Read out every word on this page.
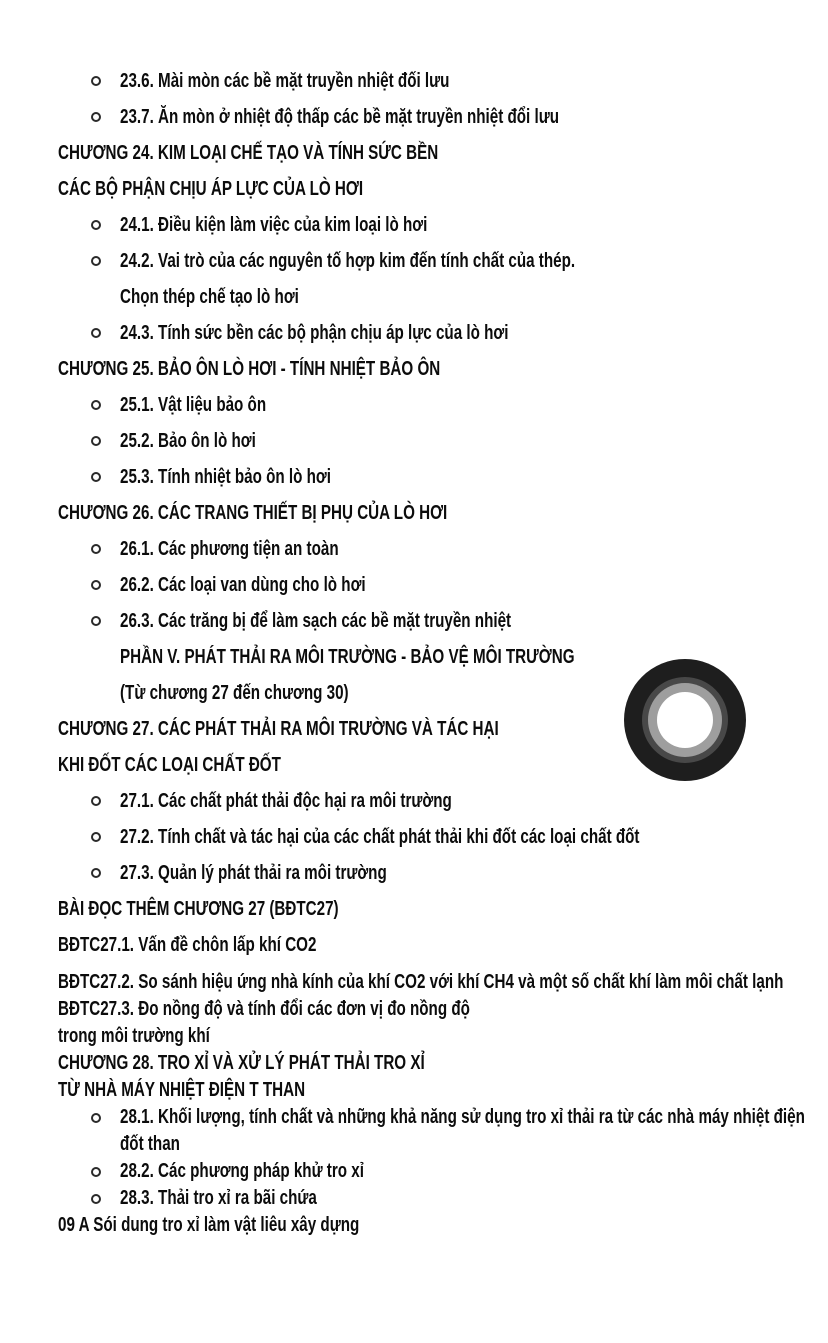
23.6. Mài mòn các bề mặt truyền nhiệt đối lưu
23.7. Ăn mòn ở nhiệt độ thấp các bề mặt truyền nhiệt đổi lưu
CHƯƠNG 24. KIM LOẠI CHẾ TẠO VÀ TÍNH SỨC BỀN
CÁC BỘ PHẬN CHỊU ÁP LỰC CỦA LÒ HƠI
24.1. Điều kiện làm việc của kim loại lò hơi
24.2. Vai trò của các nguyên tố hợp kim đến tính chất của thép.
Chọn thép chế tạo lò hơi
24.3. Tính sức bền các bộ phận chịu áp lực của lò hơi
CHƯƠNG 25. BẢO ÔN LÒ HƠI - TÍNH NHIỆT BẢO ÔN
25.1. Vật liệu bảo ôn
25.2. Bảo ôn lò hơi
25.3. Tính nhiệt bảo ôn lò hơi
CHƯƠNG 26. CÁC TRANG THIẾT BỊ PHỤ CỦA LÒ HƠI
26.1. Các phương tiện an toàn
26.2. Các loại van dùng cho lò hơi
26.3. Các trăng bị để làm sạch các bề mặt truyền nhiệt
PHẦN V. PHÁT THẢI RA MÔI TRƯỜNG - BẢO VỆ MÔI TRƯỜNG
(Từ chương 27 đến chương 30)
CHƯƠNG 27. CÁC PHÁT THẢI RA MÔI TRƯỜNG VÀ TÁC HẠI
KHI ĐỐT CÁC LOẠI CHẤT ĐỐT
27.1. Các chất phát thải độc hại ra môi trường
27.2. Tính chất và tác hại của các chất phát thải khi đốt các loại chất đốt
27.3. Quản lý phát thải ra môi trường
BÀI ĐỌC THÊM CHƯƠNG 27 (BĐTC27)
BĐTC27.1. Vấn đề chôn lấp khí CO2
BĐTC27.2. So sánh hiệu ứng nhà kính của khí CO2 với khí CH4 và một số chất khí làm môi chất lạnh
BĐTC27.3. Đo nồng độ và tính đổi các đơn vị đo nồng độ
trong môi trường khí
CHƯƠNG 28. TRO XỈ VÀ XỬ LÝ PHÁT THẢI TRO XỈ
TỪ NHÀ MÁY NHIỆT ĐIỆN T THAN
28.1. Khối lượng, tính chất và những khả năng sử dụng tro xỉ thải ra từ các nhà máy nhiệt điện
đốt than
28.2. Các phương pháp khử tro xỉ
28.3. Thải tro xỉ ra bãi chứa
09 A Sói dung tro xỉ làm vật liêu xây dựng
